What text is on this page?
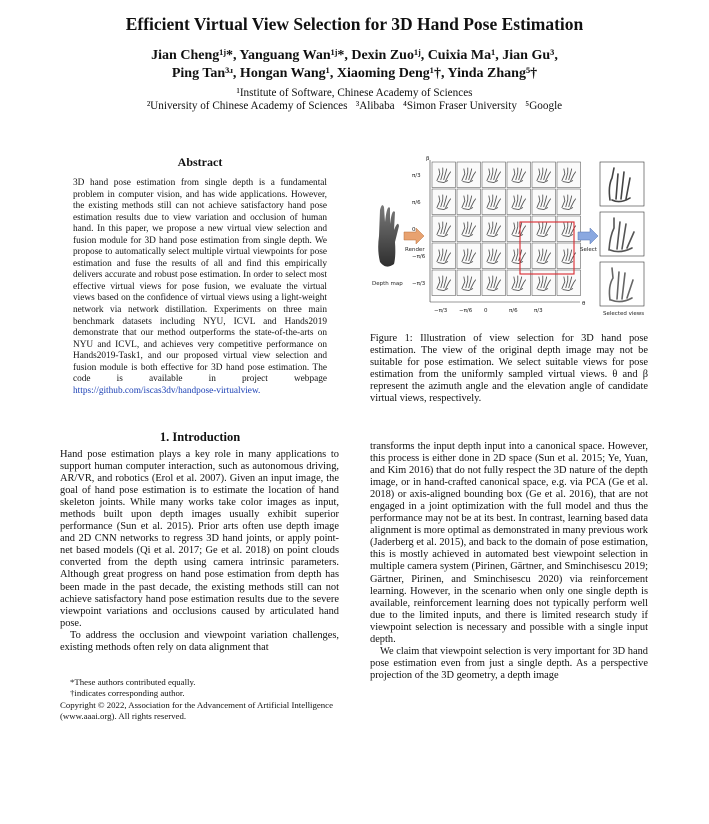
Efficient Virtual View Selection for 3D Hand Pose Estimation
Jian Cheng¹ʲ*, Yanguang Wan¹ʲ*, Dexin Zuo¹ʲ, Cuixia Ma¹, Jian Gu³,
Ping Tan³ʴ, Hongan Wang¹, Xiaoming Deng¹†, Yinda Zhang⁵†
¹Institute of Software, Chinese Academy of Sciences
²University of Chinese Academy of Sciences   ³Alibaba   ⁴Simon Fraser University   ⁵Google
Abstract
3D hand pose estimation from single depth is a fundamental problem in computer vision, and has wide applications. However, the existing methods still can not achieve satisfactory hand pose estimation results due to view variation and occlusion of human hand. In this paper, we propose a new virtual view selection and fusion module for 3D hand pose estimation from single depth. We propose to automatically select multiple virtual viewpoints for pose estimation and fuse the results of all and find this empirically delivers accurate and robust pose estimation. In order to select most effective virtual views for pose fusion, we evaluate the virtual views based on the confidence of virtual views using a light-weight network via network distillation. Experiments on three main benchmark datasets including NYU, ICVL and Hands2019 demonstrate that our method outperforms the state-of-the-arts on NYU and ICVL, and achieves very competitive performance on Hands2019-Task1, and our proposed virtual view selection and fusion module is both effective for 3D hand pose estimation. The code is available in project webpage https://github.com/iscas3dv/handpose-virtualview.
Depth map
Render
β
θ
π/3
π/6
0
−π/6
−π/3
−π/3 −π/6 0	π/6	π/3
Select
Selected views
Figure 1: Illustration of view selection for 3D hand pose estimation. The view of the original depth image may not be suitable for pose estimation. We select suitable views for pose estimation from the uniformly sampled virtual views. θ and β represent the azimuth angle and the elevation angle of candidate virtual views, respectively.
1. Introduction

Hand pose estimation plays a key role in many applications to support human computer interaction, such as autonomous driving, AR/VR, and robotics (Erol et al. 2007). Given an input image, the goal of hand pose estimation is to estimate the location of hand skeleton joints. While many works take color images as input, methods built upon depth images usually exhibit superior performance (Sun et al. 2015). Prior arts often use depth image and 2D CNN networks to regress 3D hand joints, or apply point-net based models (Qi et al. 2017; Ge et al. 2018) on point clouds converted from the depth using camera intrinsic parameters. Although great progress on hand pose estimation from depth has been made in the past decade, the existing methods still can not achieve satisfactory hand pose estimation results due to the severe viewpoint variations and occlusions caused by articulated hand pose.

To address the occlusion and viewpoint variation challenges, existing methods often rely on data alignment that

*These authors contributed equally.
†indicates corresponding author.
Copyright © 2022, Association for the Advancement of Artificial Intelligence (www.aaai.org). All rights reserved.

transforms the input depth input into a canonical space. However, this process is either done in 2D space (Sun et al. 2015; Ye, Yuan, and Kim 2016) that do not fully respect the 3D nature of the depth image, or in hand-crafted canonical space, e.g. via PCA (Ge et al. 2018) or axis-aligned bounding box (Ge et al. 2016), that are not engaged in a joint optimization with the full model and thus the performance may not be at its best. In contrast, learning based data alignment is more optimal as demonstrated in many previous work (Jaderberg et al. 2015), and back to the domain of pose estimation, this is mostly achieved in automated best viewpoint selection in multiple camera system (Pirinen, Gärtner, and Sminchisescu 2019; Gärtner, Pirinen, and Sminchisescu 2020) via reinforcement learning. However, in the scenario when only one single depth is available, reinforcement learning does not typically perform well due to the limited inputs, and there is limited research study if viewpoint selection is necessary and possible with a single input depth.

We claim that viewpoint selection is very important for 3D hand pose estimation even from just a single depth. As a perspective projection of the 3D geometry, a depth image
